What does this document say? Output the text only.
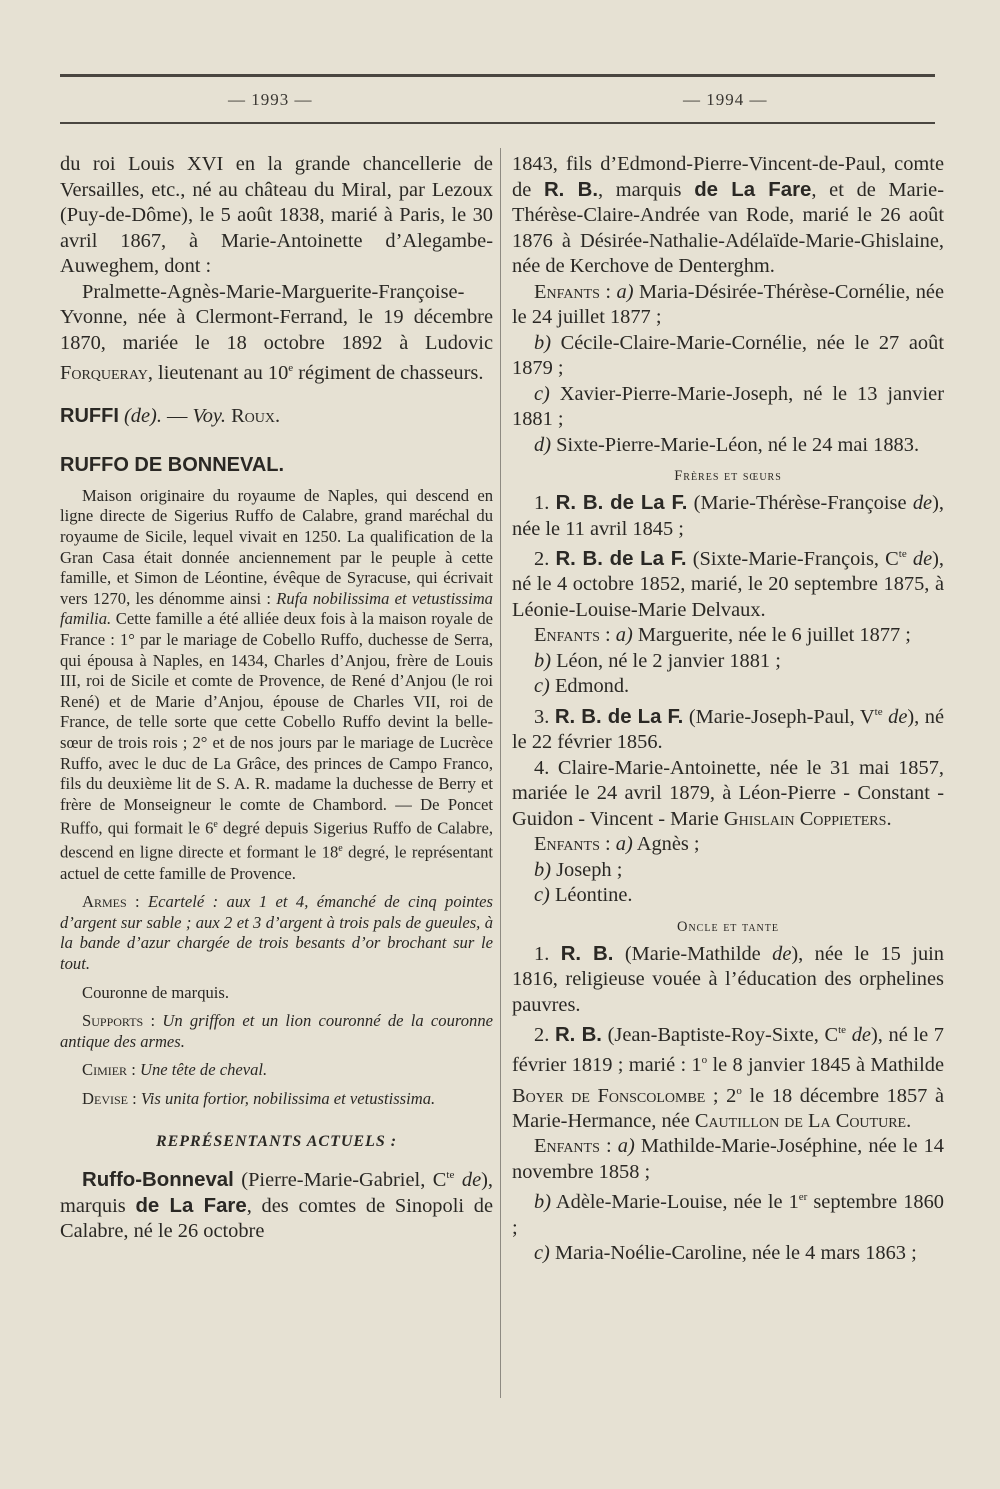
— 1993 —	— 1994 —

du roi Louis XVI en la grande chancellerie de Versailles, etc., né au château du Miral, par Lezoux (Puy-de-Dôme), le 5 août 1838, marié à Paris, le 30 avril 1867, à Marie-Antoinette d’Alegambe-Auweghem, dont :

Pralmette-Agnès-Marie-Marguerite-Françoise-Yvonne, née à Clermont-Ferrand, le 19 décembre 1870, mariée le 18 octobre 1892 à Ludovic Forqueray, lieutenant au 10e régiment de chasseurs.

RUFFI (de). — Voy. Roux.

RUFFO DE BONNEVAL.

Maison originaire du royaume de Naples, qui descend en ligne directe de Sigerius Ruffo de Calabre, grand maréchal du royaume de Sicile, lequel vivait en 1250. La qualification de la Gran Casa était donnée anciennement par le peuple à cette famille, et Simon de Léontine, évêque de Syracuse, qui écrivait vers 1270, les dénomme ainsi : Rufa nobilissima et vetustissima familia. Cette famille a été alliée deux fois à la maison royale de France : 1° par le mariage de Cobello Ruffo, duchesse de Serra, qui épousa à Naples, en 1434, Charles d’Anjou, frère de Louis III, roi de Sicile et comte de Provence, de René d’Anjou (le roi René) et de Marie d’Anjou, épouse de Charles VII, roi de France, de telle sorte que cette Cobello Ruffo devint la belle-sœur de trois rois ; 2° et de nos jours par le mariage de Lucrèce Ruffo, avec le duc de La Grâce, des princes de Campo Franco, fils du deuxième lit de S. A. R. madame la duchesse de Berry et frère de Monseigneur le comte de Chambord. — De Poncet Ruffo, qui formait le 6e degré depuis Sigerius Ruffo de Calabre, descend en ligne directe et formant le 18e degré, le représentant actuel de cette famille de Provence.

Armes : Ecartelé : aux 1 et 4, émanché de cinq pointes d’argent sur sable ; aux 2 et 3 d’argent à trois pals de gueules, à la bande d’azur chargée de trois besants d’or brochant sur le tout.

Couronne de marquis.

Supports : Un griffon et un lion couronné de la couronne antique des armes.

Cimier : Une tête de cheval.

Devise : Vis unita fortior, nobilissima et vetustissima.

REPRÉSENTANTS ACTUELS :

Ruffo-Bonneval (Pierre-Marie-Gabriel, $C^{te}$ de), marquis de La Fare, des comtes de Sinopoli de Calabre, né le 26 octobre

1843, fils d’Edmond-Pierre-Vincent-de-Paul, comte de R. B., marquis de La Fare, et de Marie-Thérèse-Claire-Andrée van Rode, marié le 26 août 1876 à Désirée-Nathalie-Adélaïde-Marie-Ghislaine, née de Kerchove de Denterghm.

Enfants : a) Maria-Désirée-Thérèse-Cornélie, née le 24 juillet 1877 ;

b) Cécile-Claire-Marie-Cornélie, née le 27 août 1879 ;

c) Xavier-Pierre-Marie-Joseph, né le 13 janvier 1881 ;

d) Sixte-Pierre-Marie-Léon, né le 24 mai 1883.

Frères et sœurs

1. R. B. de La F. (Marie-Thérèse-Françoise de), née le 11 avril 1845 ;

2. R. B. de La F. (Sixte-Marie-François, $C^{te}$ de), né le 4 octobre 1852, marié, le 20 septembre 1875, à Léonie-Louise-Marie Delvaux.

Enfants : a) Marguerite, née le 6 juillet 1877 ;

b) Léon, né le 2 janvier 1881 ;

c) Edmond.

3. R. B. de La F. (Marie-Joseph-Paul, $V^{te}$ de), né le 22 février 1856.

4. Claire-Marie-Antoinette, née le 31 mai 1857, mariée le 24 avril 1879, à Léon-Pierre - Constant - Guidon - Vincent - Marie Ghislain Coppieters.

Enfants : a) Agnès ;

b) Joseph ;

c) Léontine.

Oncle et tante

1. R. B. (Marie-Mathilde de), née le 15 juin 1816, religieuse vouée à l’éducation des orphelines pauvres.

2. R. B. (Jean-Baptiste-Roy-Sixte, $C^{te}$ de), né le 7 février 1819 ; marié : 1$^o$ le 8 janvier 1845 à Mathilde Boyer de Fonscolombe ; 2$^o$ le 18 décembre 1857 à Marie-Hermance, née Cautillon de La Couture.

Enfants : a) Mathilde-Marie-Joséphine, née le 14 novembre 1858 ;

b) Adèle-Marie-Louise, née le 1er septembre 1860 ;

c) Maria-Noélie-Caroline, née le 4 mars 1863 ;
